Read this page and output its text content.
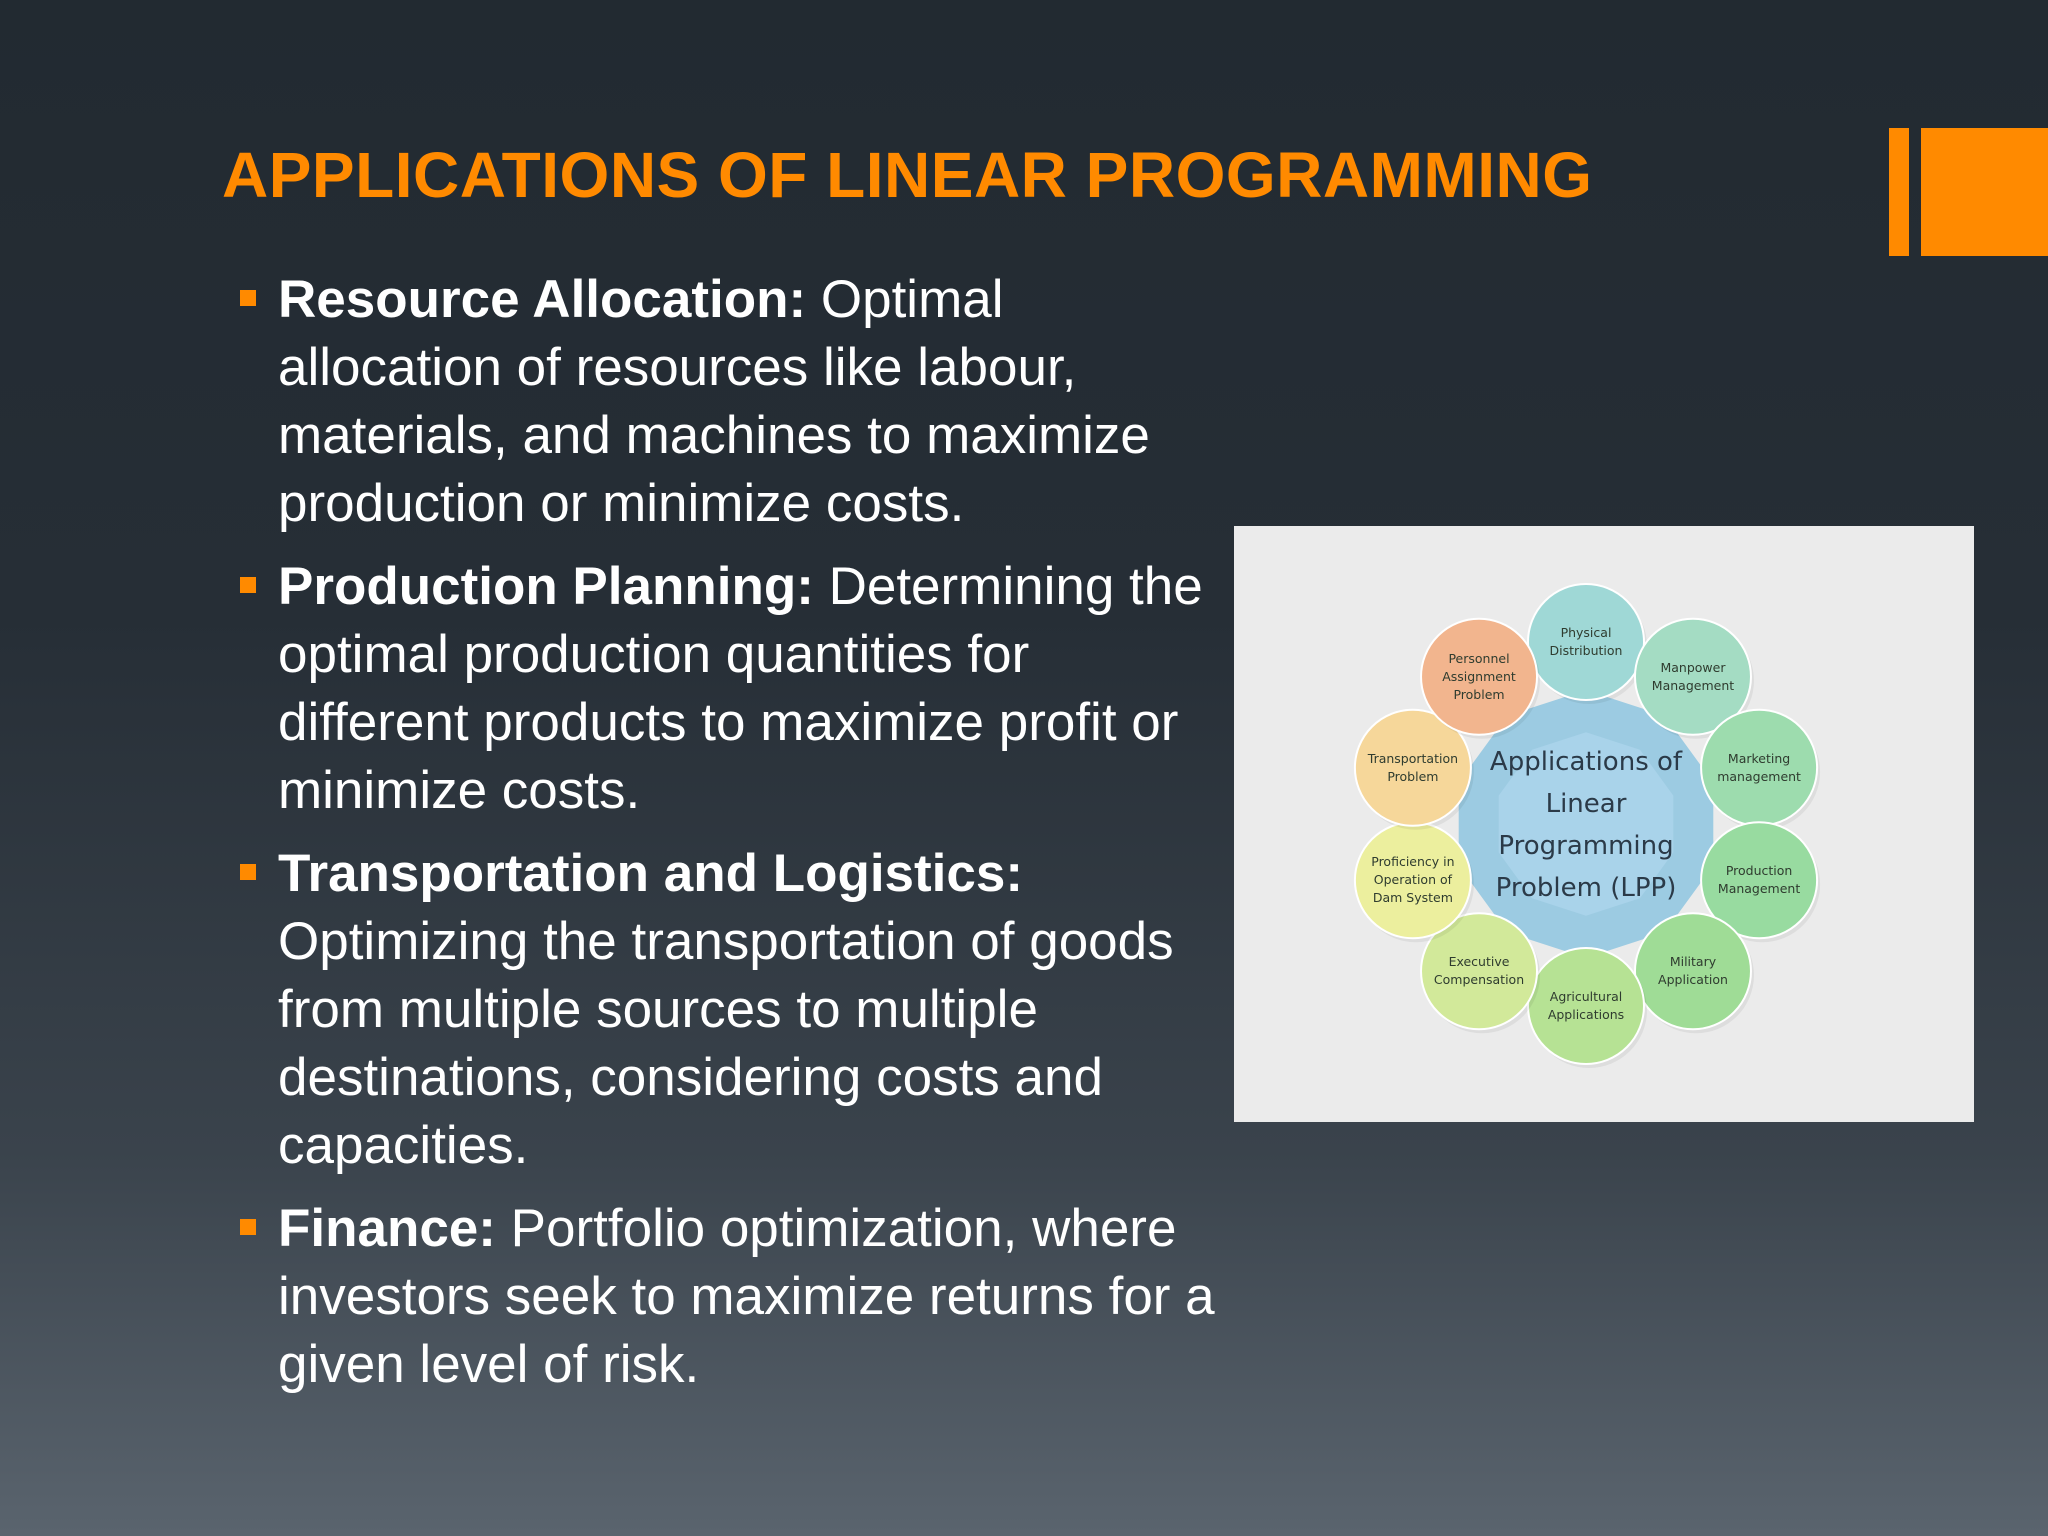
APPLICATIONS OF LINEAR PROGRAMMING
Resource Allocation: Optimal allocation of resources like labour, materials, and machines to maximize production or minimize costs.
Production Planning: Determining the optimal production quantities for different products to maximize profit or minimize costs.
Transportation and Logistics: Optimizing the transportation of goods from multiple sources to multiple destinations, considering costs and capacities.
Finance: Portfolio optimization, where investors seek to maximize returns for a given level of risk.
Applications of Linear Programming Problem (LPP)
Physical Distribution
Manpower Management
Marketing management
Production Management
Military Application
Agricultural Applications
Executive Compensation
Proficiency in Operation of Dam System
Transportation Problem
Personnel Assignment Problem
